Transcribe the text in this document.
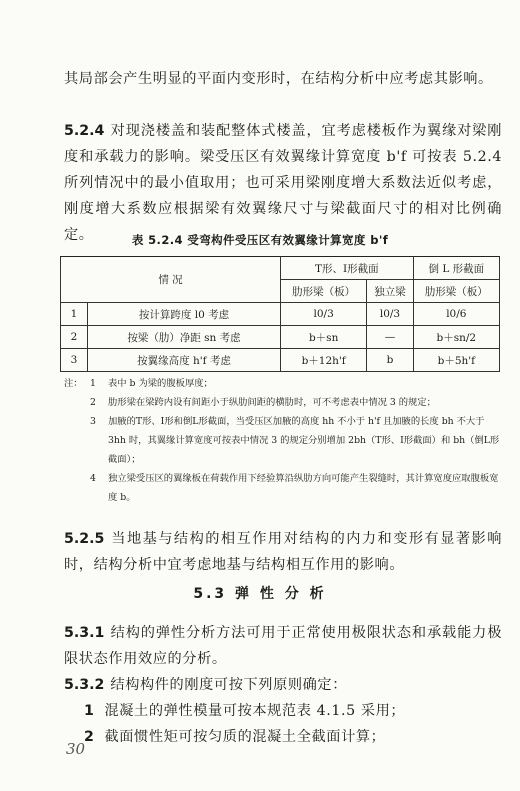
其局部会产生明显的平面内变形时，在结构分析中应考虑其影响。
5.2.4 对现浇楼盖和装配整体式楼盖，宜考虑楼板作为翼缘对梁刚度和承载力的影响。梁受压区有效翼缘计算宽度 b'f 可按表 5.2.4 所列情况中的最小值取用；也可采用梁刚度增大系数法近似考虑，刚度增大系数应根据梁有效翼缘尺寸与梁截面尺寸的相对比例确定。	表 5.2.4 受弯构件受压区有效翼缘计算宽度 b'f
情 况		T形、I形截面		倒 L 形截面
		肋形梁（板）	独立梁	肋形梁（板）
1	按计算跨度 l0 考虑	l0/3	l0/3	l0/6
2	按梁（肋）净距 sn 考虑	b＋sn	—	b＋sn/2
3	按翼缘高度 h'f 考虑	b＋12h'f	b	b＋5h'f
注： 1	表中 b 为梁的腹板厚度；
2	肋形梁在梁跨内设有间距小于纵肋间距的横肋时，可不考虑表中情况 3 的规定；
3	加腋的T形、I形和倒L形截面，当受压区加腋的高度 hh 不小于 h'f 且加腋的长度 bh 不大于 3hh 时，其翼缘计算宽度可按表中情况 3 的规定分别增加 2bh（T形、I形截面）和 bh（倒L形截面）；
4	独立梁受压区的翼缘板在荷载作用下经验算沿纵肋方向可能产生裂缝时，其计算宽度应取腹板宽度 b。
5.2.5 当地基与结构的相互作用对结构的内力和变形有显著影响时，结构分析中宜考虑地基与结构相互作用的影响。
5.3 弹 性 分 析
5.3.1 结构的弹性分析方法可用于正常使用极限状态和承载能力极限状态作用效应的分析。
5.3.2 结构构件的刚度可按下列原则确定：
1 混凝土的弹性模量可按本规范表 4.1.5 采用；
2 截面惯性矩可按匀质的混凝土全截面计算；
30
